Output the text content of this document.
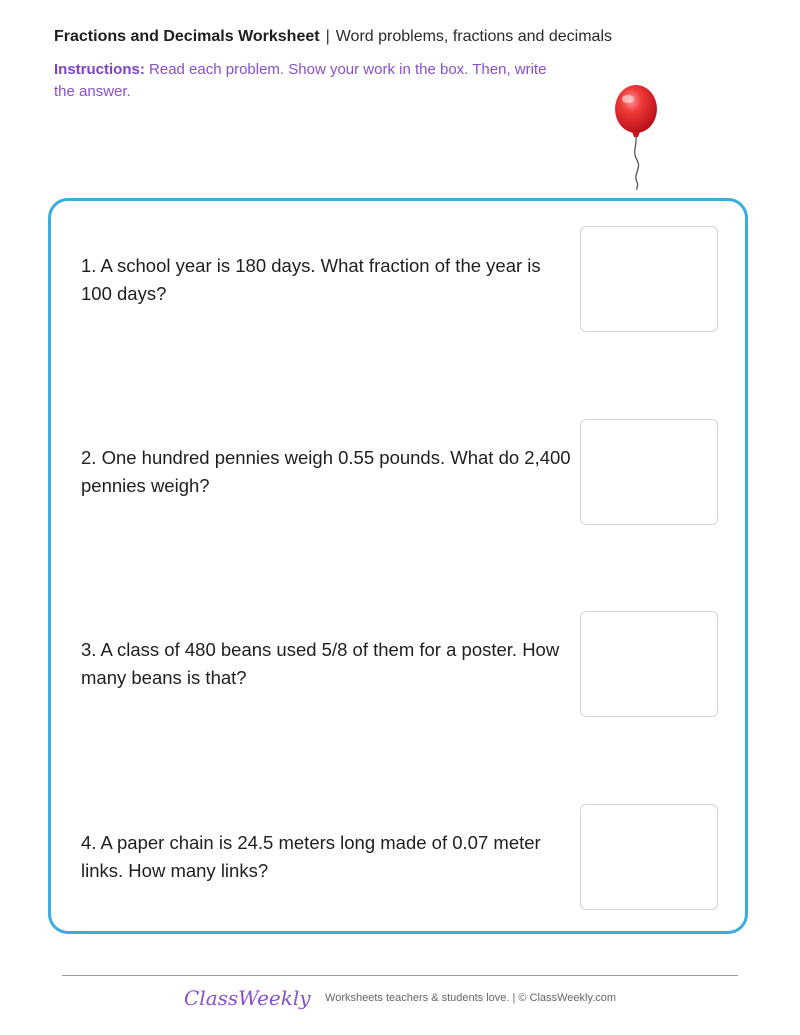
Fractions and Decimals Worksheet | Word problems, fractions and decimals
Instructions: Read each problem. Show your work in the box. Then, write the answer.
1. A school year is 180 days. What fraction of the year is 100 days?
2. One hundred pennies weigh 0.55 pounds. What do 2,400 pennies weigh?
3. A class of 480 beans used 5/8 of them for a poster. How many beans is that?
4. A paper chain is 24.5 meters long made of 0.07 meter links. How many links?
ClassWeekly Worksheets teachers & students love. | © ClassWeekly.com
